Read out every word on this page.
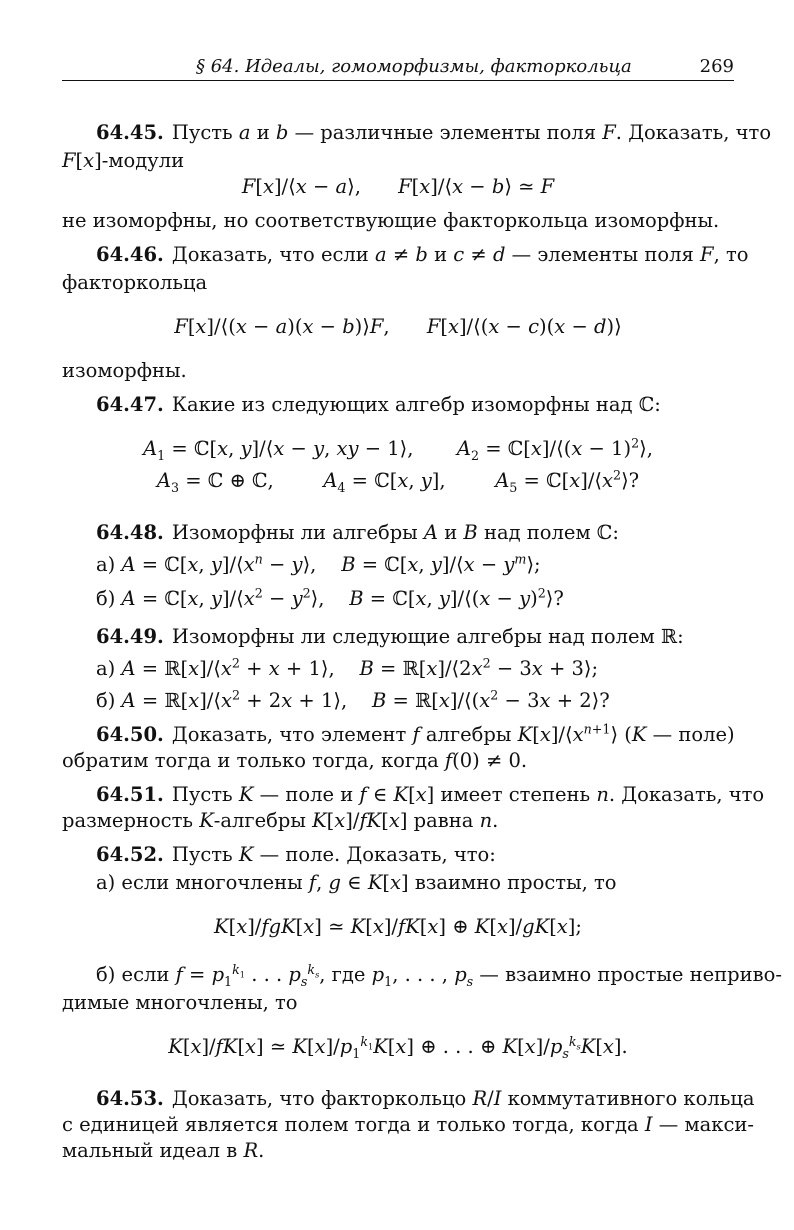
§ 64. Идеалы, гомоморфизмы, факторкольца	269
64.45. Пусть a и b — различные элементы поля F. Доказать, что
F[x]-модули
F[x]/⟨x − a⟩,      F[x]/⟨x − b⟩ ≃ F
не изоморфны, но соответствующие факторкольца изоморфны.
64.46. Доказать, что если a ≠ b и c ≠ d — элементы поля F, то
факторкольца
F[x]/⟨(x − a)(x − b)⟩F,      F[x]/⟨(x − c)(x − d)⟩
изоморфны.
64.47. Какие из следующих алгебр изоморфны над ℂ:
$A_1$ = ℂ[x, y]/⟨x − y, xy − 1⟩,       $A_2$ = ℂ[x]/⟨(x − 1)$^2$⟩,
$A_3$ = ℂ ⊕ ℂ,        $A_4$ = ℂ[x, y],        $A_5$ = $ℂ[x]/⟨x^2⟩$?
64.48. Изоморфны ли алгебры A и B над полем ℂ:
а) A = ℂ[x, $y]/⟨x^n$ − y⟩,    B = ℂ[x, y]/⟨x − $y^m⟩$;
б) A = ℂ[x, $y]/⟨x^2$ − $y^2⟩$,    B = ℂ[x, y]/⟨(x − y)$^2$⟩?
64.49. Изоморфны ли следующие алгебры над полем ℝ:
а) $A = ℝ[x]/⟨x^2 + x$ + 1⟩,    $B = ℝ[x]/⟨2x^2 - 3x$ + 3⟩;
б) $A = ℝ[x]/⟨x^2 + 2x$ + 1⟩,    $B = ℝ[x]/⟨(x^2 - 3x$ + 2⟩?
64.50. Доказать, что элемент f алгебры $K[x]/⟨x^{n+1}⟩$ (K — поле)
обратим тогда и только тогда, когда f(0) ≠ 0.
64.51. Пусть K — поле и f ∈ K[x] имеет степень n. Доказать, что
размерность K-алгебры K[x]/fK[x] равна n.
64.52. Пусть K — поле. Доказать, что:
а) если многочлены f, g ∈ K[x] взаимно просты, то
K[x]/fgK[x] ≃ K[x]/fK[x] ⊕ K[x]/gK[x];
б) если $f = p_1^{k_1}$ . . . $p_s^{k_s}$, где $p_1$, . . . , $p_s$ — взаимно простые неприво-
димые многочлены, то
K[x]/fK[x] ≃ $K[x]/p_1^{k_1}K[x]$ ⊕ . . . ⊕ $K[x]/p_s^{k_s}K[x]$.
64.53. Доказать, что факторкольцо R/I коммутативного кольца
с единицей является полем тогда и только тогда, когда I — макси-
мальный идеал в R.
